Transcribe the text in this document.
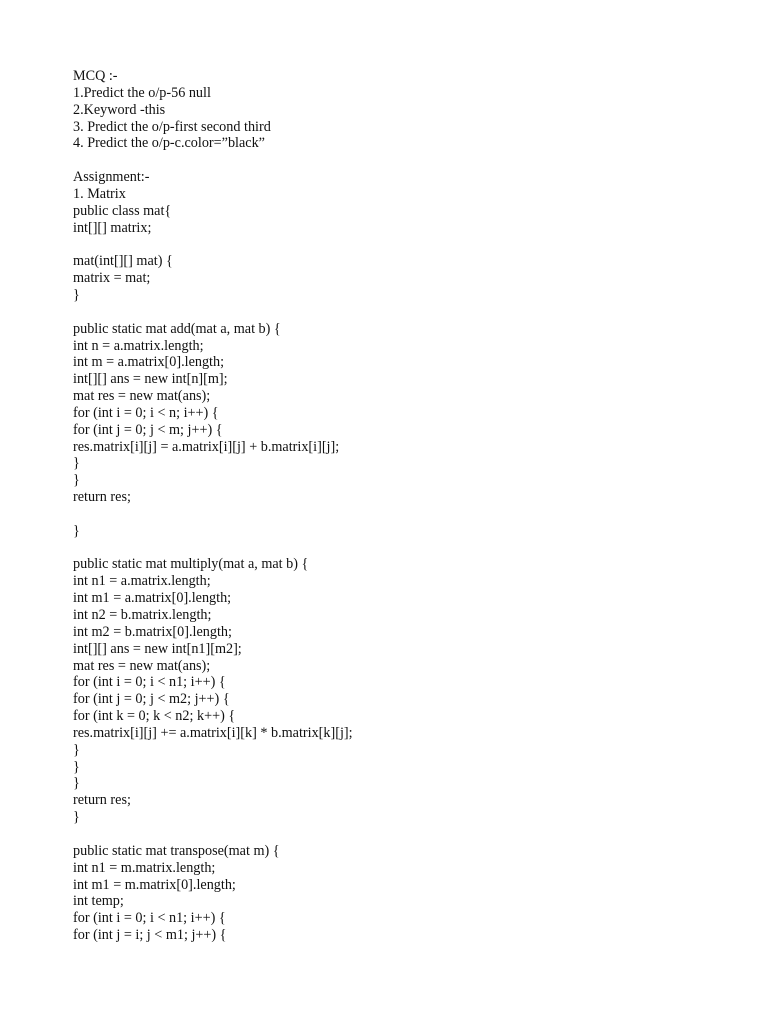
MCQ :-
1.Predict the o/p-56 null
2.Keyword -this
3. Predict the o/p-first second third
4. Predict the o/p-c.color=”black”
Assignment:-
1. Matrix
public class mat{
int[][] matrix;
mat(int[][] mat) {
matrix = mat;
}
public static mat add(mat a, mat b) {
int n = a.matrix.length;
int m = a.matrix[0].length;
int[][] ans = new int[n][m];
mat res = new mat(ans);
for (int i = 0; i < n; i++) {
for (int j = 0; j < m; j++) {
res.matrix[i][j] = a.matrix[i][j] + b.matrix[i][j];
}
}
return res;
}
public static mat multiply(mat a, mat b) {
int n1 = a.matrix.length;
int m1 = a.matrix[0].length;
int n2 = b.matrix.length;
int m2 = b.matrix[0].length;
int[][] ans = new int[n1][m2];
mat res = new mat(ans);
for (int i = 0; i < n1; i++) {
for (int j = 0; j < m2; j++) {
for (int k = 0; k < n2; k++) {
res.matrix[i][j] += a.matrix[i][k] * b.matrix[k][j];
}
}
}
return res;
}
public static mat transpose(mat m) {
int n1 = m.matrix.length;
int m1 = m.matrix[0].length;
int temp;
for (int i = 0; i < n1; i++) {
for (int j = i; j < m1; j++) {
